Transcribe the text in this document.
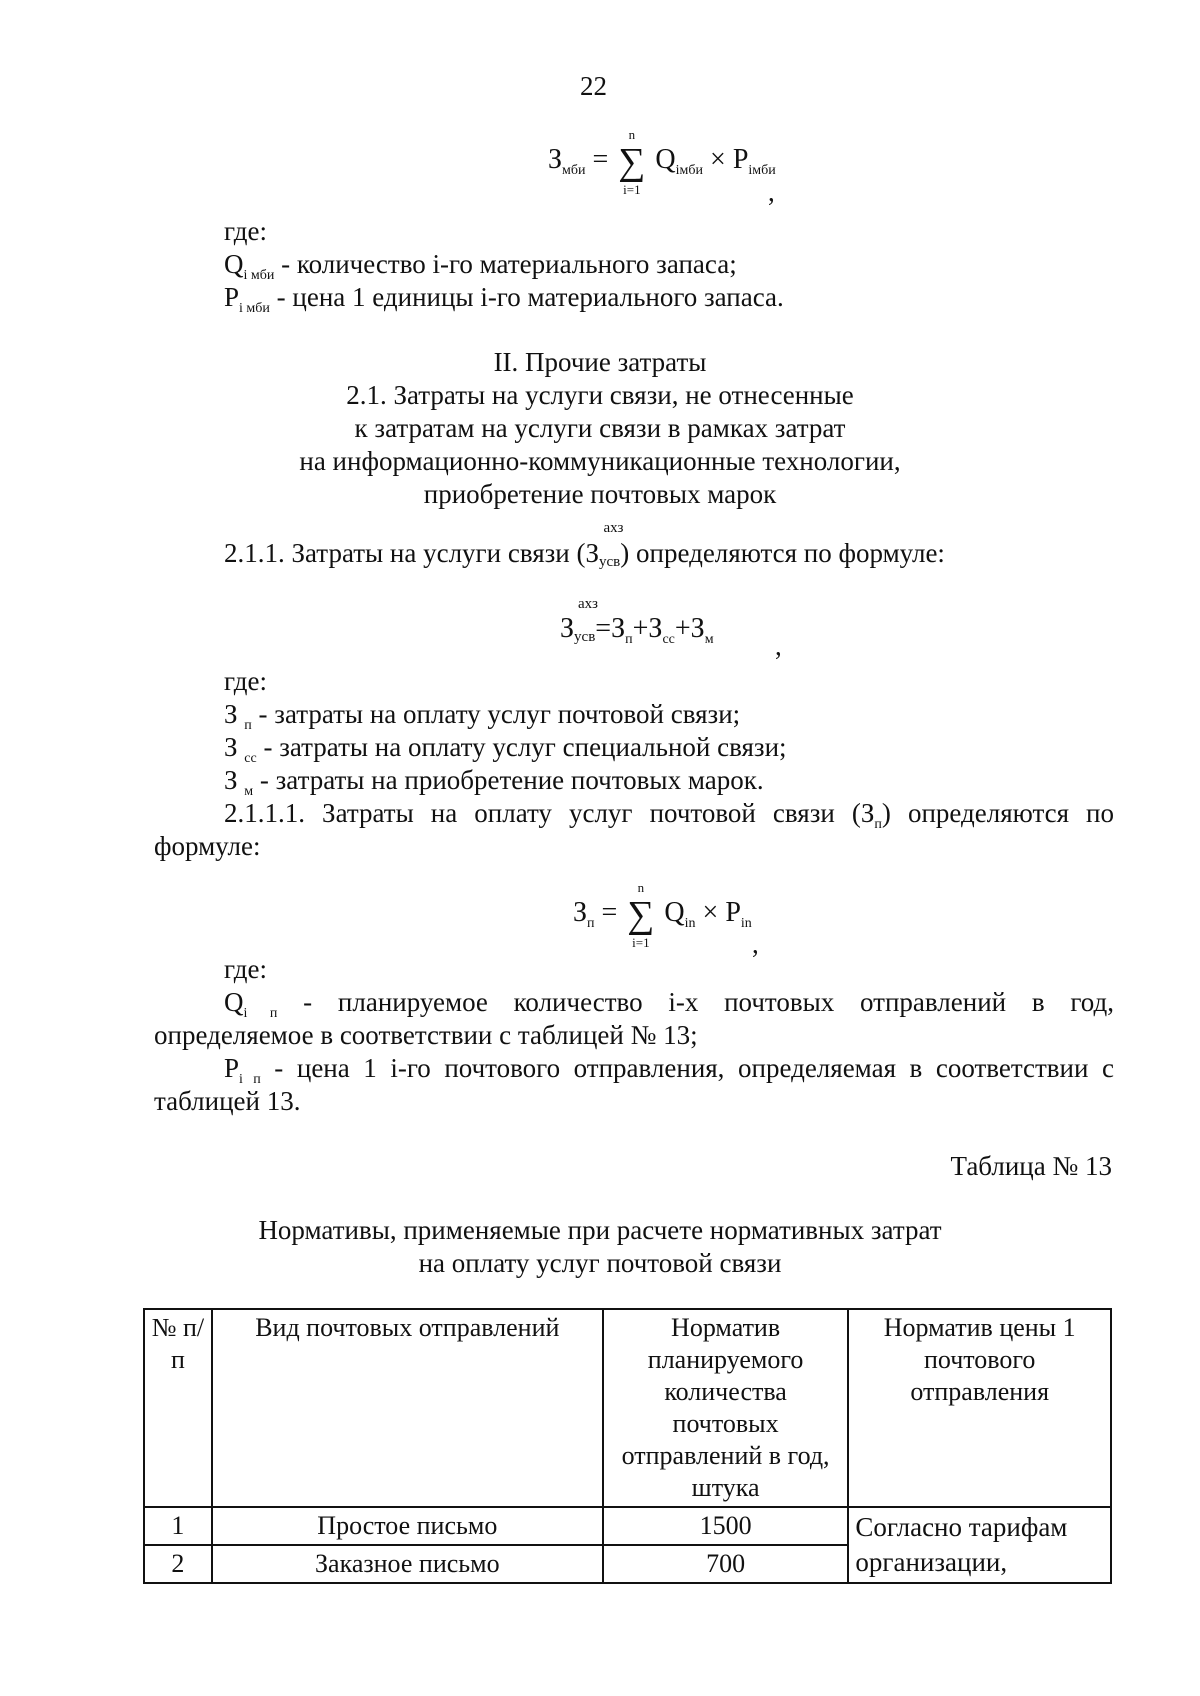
22
$З_{мби}$ = ∑
n
i=1
$Q_{iмби} \times P_{iмби}$
,
где:
$Q_{i мби}$ - количество i-го материального запаса;
$P_{i мби}$ - цена 1 единицы i-го материального запаса.
II. Прочие затраты
2.1. Затраты на услуги связи, не отнесенные
к затратам на услуги связи в рамках затрат
на информационно-коммуникационные технологии,
приобретение почтовых марок
2.1.1. Затраты на услуги связи (З
ахз
усв) определяются по формуле:
З
ахз
$усв=З_п+З_{сс}+З_м$ ,
где:
З $_п$ - затраты на оплату услуг почтовой связи;
З $_{сс}$ - затраты на оплату услуг специальной связи;
З $_м$ - затраты на приобретение почтовых марок.
2.1.1.1. Затраты на оплату услуг почтовой связи $(З_п)$ определяются по
формуле:
$З_п$ = ∑
n
i=1
$Q_{in} \times P_{in}$
,
где:
$Q_{i п}$ - планируемое количество i-х почтовых отправлений в год,
определяемое в соответствии с таблицей № 13;
$P_{i п}$ - цена 1 i-го почтового отправления, определяемая в соответствии с
таблицей 13.
Таблица № 13
Нормативы, применяемые при расчете нормативных затрат
на оплату услуг почтовой связи
№ п/п	Вид почтовых отправлений	Норматив планируемого количества почтовых отправлений в год, штука	Норматив цены 1 почтового отправления
1	Простое письмо	1500	Согласно тарифам организации,
2	Заказное письмо	700	
